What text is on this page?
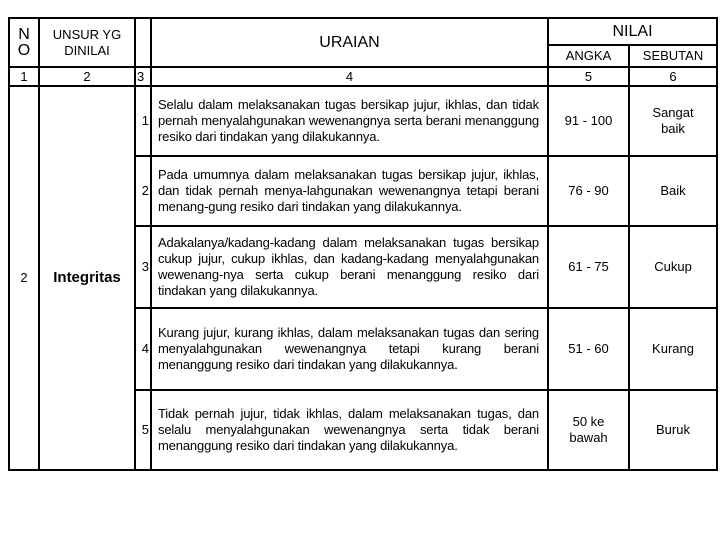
N
O	UNSUR YG
DINILAI		URAIAN	NILAI	
				ANGKA	SEBUTAN
1	2	3	4	5	6
2	Integritas	1	Selalu dalam melaksanakan tugas bersikap jujur, ikhlas, dan tidak pernah menyalahgunakan wewenangnya serta berani menanggung resiko dari tindakan yang dilakukannya.	91 - 100	Sangat baik
		2	Pada umumnya dalam melaksanakan tugas bersikap jujur, ikhlas, dan tidak pernah menya-lahgunakan wewenangnya tetapi berani menang-gung resiko dari tindakan yang dilakukannya.	76 - 90	Baik
		3	Adakalanya/kadang-kadang dalam melaksanakan tugas bersikap cukup jujur, cukup ikhlas, dan kadang-kadang menyalahgunakan wewenang-nya serta cukup berani menanggung resiko dari tindakan yang dilakukannya.	61 - 75	Cukup
		4	Kurang jujur, kurang ikhlas, dalam melaksanakan tugas dan sering menyalahgunakan wewenangnya tetapi kurang berani menanggung resiko dari tindakan yang dilakukannya.	51 - 60	Kurang
		5	Tidak pernah jujur, tidak ikhlas, dalam melaksanakan tugas, dan selalu menyalahgunakan wewenangnya serta tidak berani menanggung resiko dari tindakan yang dilakukannya.	50 ke bawah	Buruk
